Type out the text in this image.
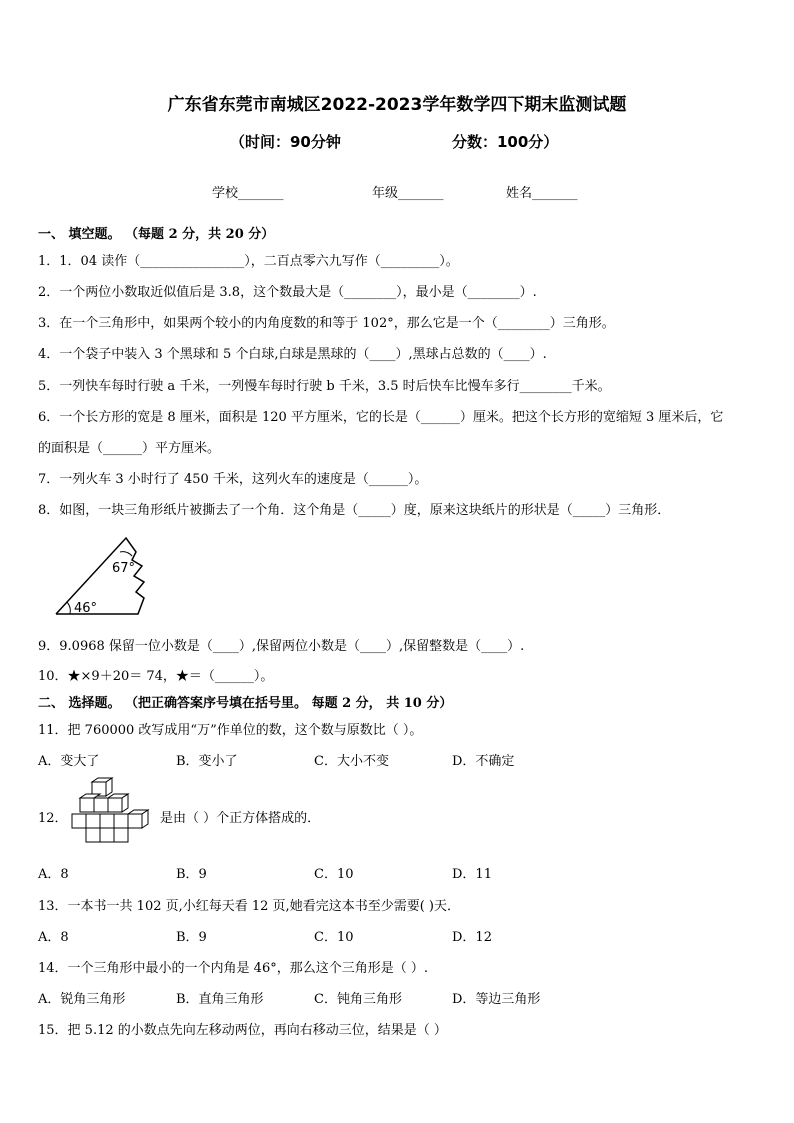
广东省东莞市南城区2022-2023学年数学四下期末监测试题
（时间：90分钟	分数：100分）
学校_______	年级_______	姓名_______
一、 填空题。 （每题 2 分，共 20 分）
1．1．04 读作（________________），二百点零六九写作（_________）。
2．一个两位小数取近似值后是 3.8，这个数最大是（________），最小是（________）.
3．在一个三角形中，如果两个较小的内角度数的和等于 102°，那么它是一个（________）三角形。
4．一个袋子中装入 3 个黑球和 5 个白球,白球是黑球的（____）,黑球占总数的（____）.
5．一列快车每时行驶 a 千米，一列慢车每时行驶 b 千米，3.5 时后快车比慢车多行________千米。
6．一个长方形的宽是 8 厘米，面积是 120 平方厘米，它的长是（______）厘米。把这个长方形的宽缩短 3 厘米后，它
的面积是（______）平方厘米。
7．一列火车 3 小时行了 450 千米，这列火车的速度是（______）。
8．如图，一块三角形纸片被撕去了一个角．这个角是（_____）度，原来这块纸片的形状是（_____）三角形．
67°
46°
9．9.0968 保留一位小数是（____）,保留两位小数是（____）,保留整数是（____）.
10．★×9＋20＝ 74，★＝（______）。
二、 选择题。 （把正确答案序号填在括号里。 每题 2 分， 共 10 分）
11．把 760000 改写成用“万”作单位的数，这个数与原数比（ ）。
A．变大了	B．变小了	C．大小不变	D．不确定
12．	是由（ ）个正方体搭成的．
A．8	B．9	C．10	D．11
13．一本书一共 102 页,小红每天看 12 页,她看完这本书至少需要( )天．
A．8	B．9	C．10	D．12
14．一个三角形中最小的一个内角是 46°，那么这个三角形是（ ）.
A．锐角三角形	B．直角三角形	C．钝角三角形	D．等边三角形
15．把 5.12 的小数点先向左移动两位，再向右移动三位，结果是（ ）
